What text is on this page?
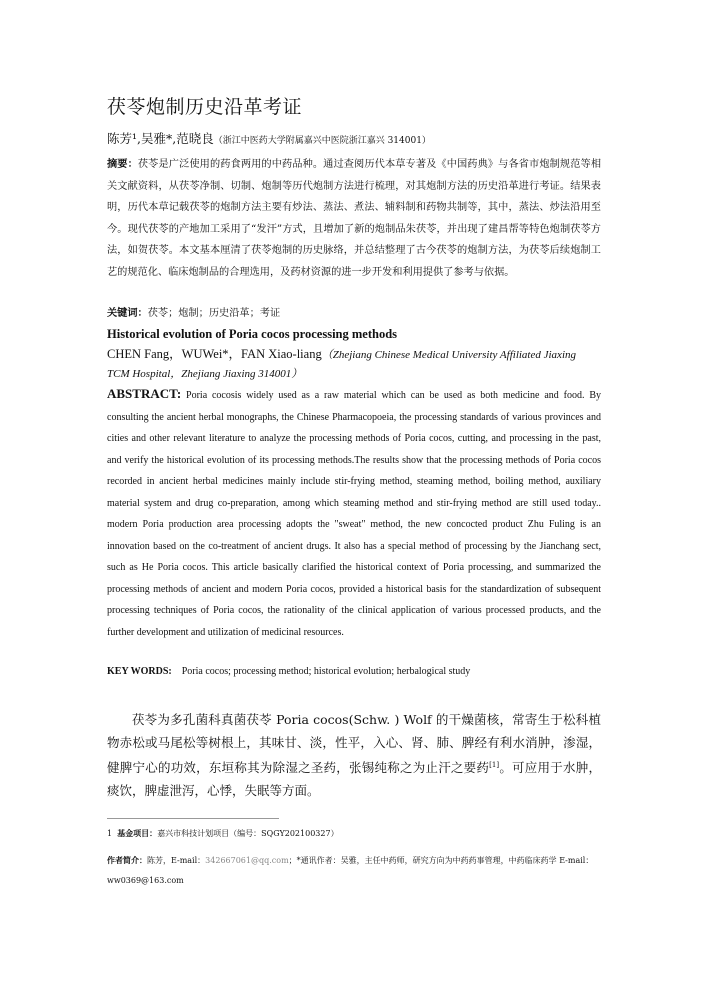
茯苓炮制历史沿革考证
陈芳¹,吴雅*,范晓良（浙江中医药大学附属嘉兴中医院浙江嘉兴 314001）
摘要：茯苓是广泛使用的药食两用的中药品种。通过查阅历代本草专著及《中国药典》与各省市炮制规范等相关文献资料，从茯苓净制、切制、炮制等历代炮制方法进行梳理，对其炮制方法的历史沿革进行考证。结果表明，历代本草记载茯苓的炮制方法主要有炒法、蒸法、煮法、辅料制和药物共制等，其中，蒸法、炒法沿用至今。现代茯苓的产地加工采用了“发汗”方式，且增加了新的炮制品朱茯苓，并出现了建昌帮等特色炮制茯苓方法，如贺茯苓。本文基本厘清了茯苓炮制的历史脉络，并总结整理了古今茯苓的炮制方法，为茯苓后续炮制工艺的规范化、临床炮制品的合理选用，及药材资源的进一步开发和利用提供了参考与依据。
关键词：茯苓；炮制；历史沿革；考证
Historical evolution of Poria cocos processing methods
CHEN Fang，WUWei*，FAN Xiao-liang（Zhejiang Chinese Medical University Affiliated Jiaxing TCM Hospital，Zhejiang Jiaxing 314001）
ABSTRACT: Poria cocosis widely used as a raw material which can be used as both medicine and food. By consulting the ancient herbal monographs, the Chinese Pharmacopoeia, the processing standards of various provinces and cities and other relevant literature to analyze the processing methods of Poria cocos, cutting, and processing in the past, and verify the historical evolution of its processing methods.The results show that the processing methods of Poria cocos recorded in ancient herbal medicines mainly include stir-frying method, steaming method, boiling method, auxiliary material system and drug co-preparation, among which steaming method and stir-frying method are still used today.. modern Poria production area processing adopts the "sweat" method, the new concocted product Zhu Fuling is an innovation based on the co-treatment of ancient drugs. It also has a special method of processing by the Jianchang sect, such as He Poria cocos. This article basically clarified the historical context of Poria processing, and summarized the processing methods of ancient and modern Poria cocos, provided a historical basis for the standardization of subsequent processing techniques of Poria cocos, the rationality of the clinical application of various processed products, and the further development and utilization of medicinal resources.
KEY WORDS: Poria cocos; processing method; historical evolution; herbalogical study
茯苓为多孔菌科真菌茯苓 Poria cocos(Schw. ) Wolf 的干燥菌核，常寄生于松科植物赤松或马尾松等树根上，其味甘、淡，性平，入心、肾、肺、脾经有利水消肿，渗湿，健脾宁心的功效，东垣称其为除湿之圣药，张锡纯称之为止汗之要药[1]。可应用于水肿，痰饮，脾虚泄泻，心悸，失眠等方面。
1 基金项目：嘉兴市科技计划项目（编号：SQGY202100327）
作者简介：陈芳，E-mail：342667061@qq.com；*通讯作者：吴雅，主任中药师，研究方向为中药药事管理，中药临床药学 E-mail：ww0369@163.com
